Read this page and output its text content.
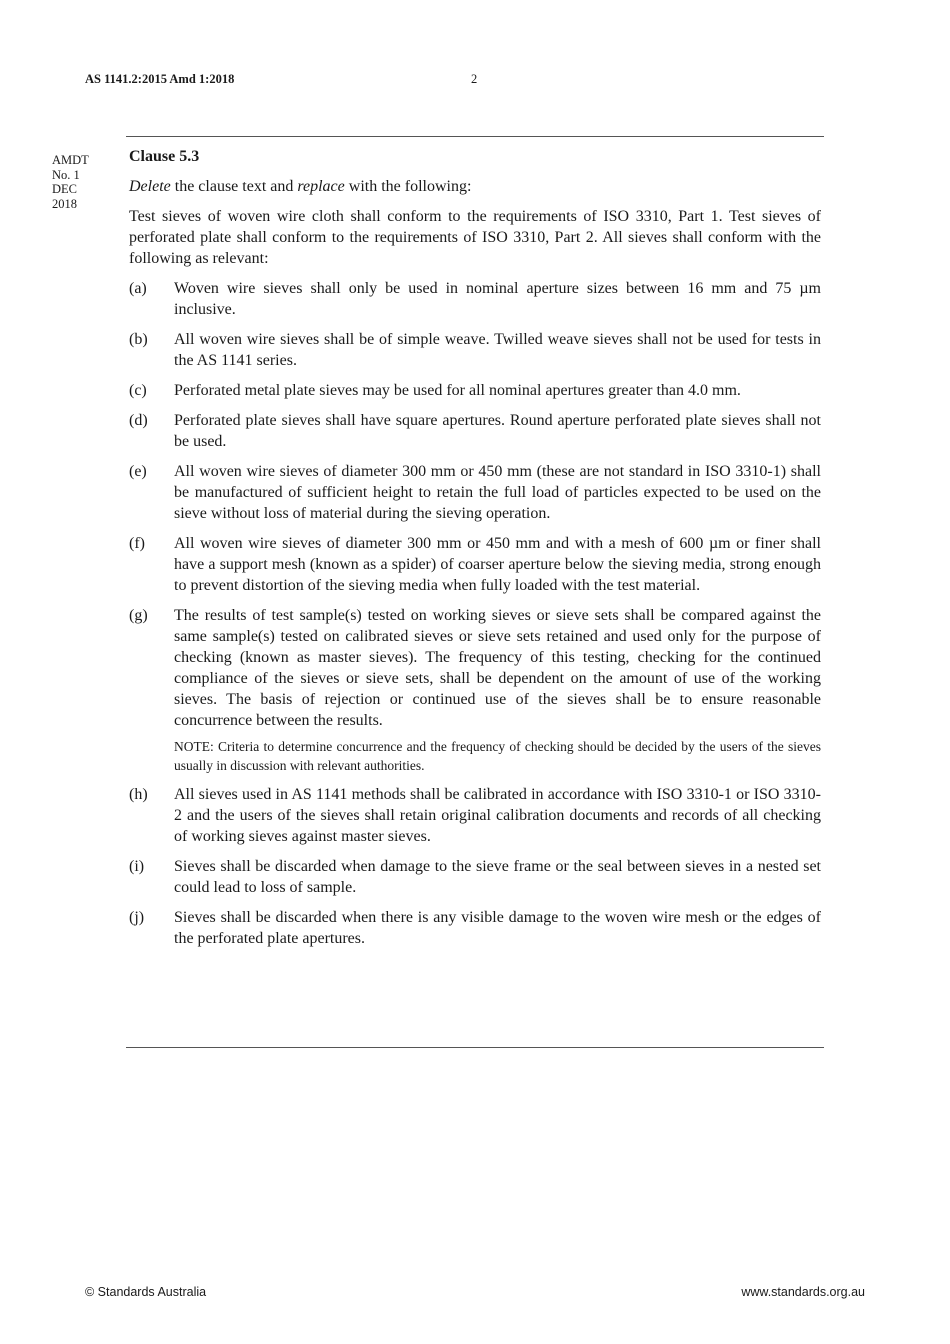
AS 1141.2:2015 Amd 1:2018	2
AMDT
No. 1
DEC
2018
Clause 5.3
Delete the clause text and replace with the following:
Test sieves of woven wire cloth shall conform to the requirements of ISO 3310, Part 1. Test sieves of perforated plate shall conform to the requirements of ISO 3310, Part 2. All sieves shall conform with the following as relevant:
(a) Woven wire sieves shall only be used in nominal aperture sizes between 16 mm and 75 µm inclusive.
(b) All woven wire sieves shall be of simple weave. Twilled weave sieves shall not be used for tests in the AS 1141 series.
(c) Perforated metal plate sieves may be used for all nominal apertures greater than 4.0 mm.
(d) Perforated plate sieves shall have square apertures. Round aperture perforated plate sieves shall not be used.
(e) All woven wire sieves of diameter 300 mm or 450 mm (these are not standard in ISO 3310-1) shall be manufactured of sufficient height to retain the full load of particles expected to be used on the sieve without loss of material during the sieving operation.
(f) All woven wire sieves of diameter 300 mm or 450 mm and with a mesh of 600 µm or finer shall have a support mesh (known as a spider) of coarser aperture below the sieving media, strong enough to prevent distortion of the sieving media when fully loaded with the test material.
(g) The results of test sample(s) tested on working sieves or sieve sets shall be compared against the same sample(s) tested on calibrated sieves or sieve sets retained and used only for the purpose of checking (known as master sieves). The frequency of this testing, checking for the continued compliance of the sieves or sieve sets, shall be dependent on the amount of use of the working sieves. The basis of rejection or continued use of the sieves shall be to ensure reasonable concurrence between the results.
NOTE: Criteria to determine concurrence and the frequency of checking should be decided by the users of the sieves usually in discussion with relevant authorities.
(h) All sieves used in AS 1141 methods shall be calibrated in accordance with ISO 3310-1 or ISO 3310-2 and the users of the sieves shall retain original calibration documents and records of all checking of working sieves against master sieves.
(i) Sieves shall be discarded when damage to the sieve frame or the seal between sieves in a nested set could lead to loss of sample.
(j) Sieves shall be discarded when there is any visible damage to the woven wire mesh or the edges of the perforated plate apertures.
© Standards Australia	www.standards.org.au
